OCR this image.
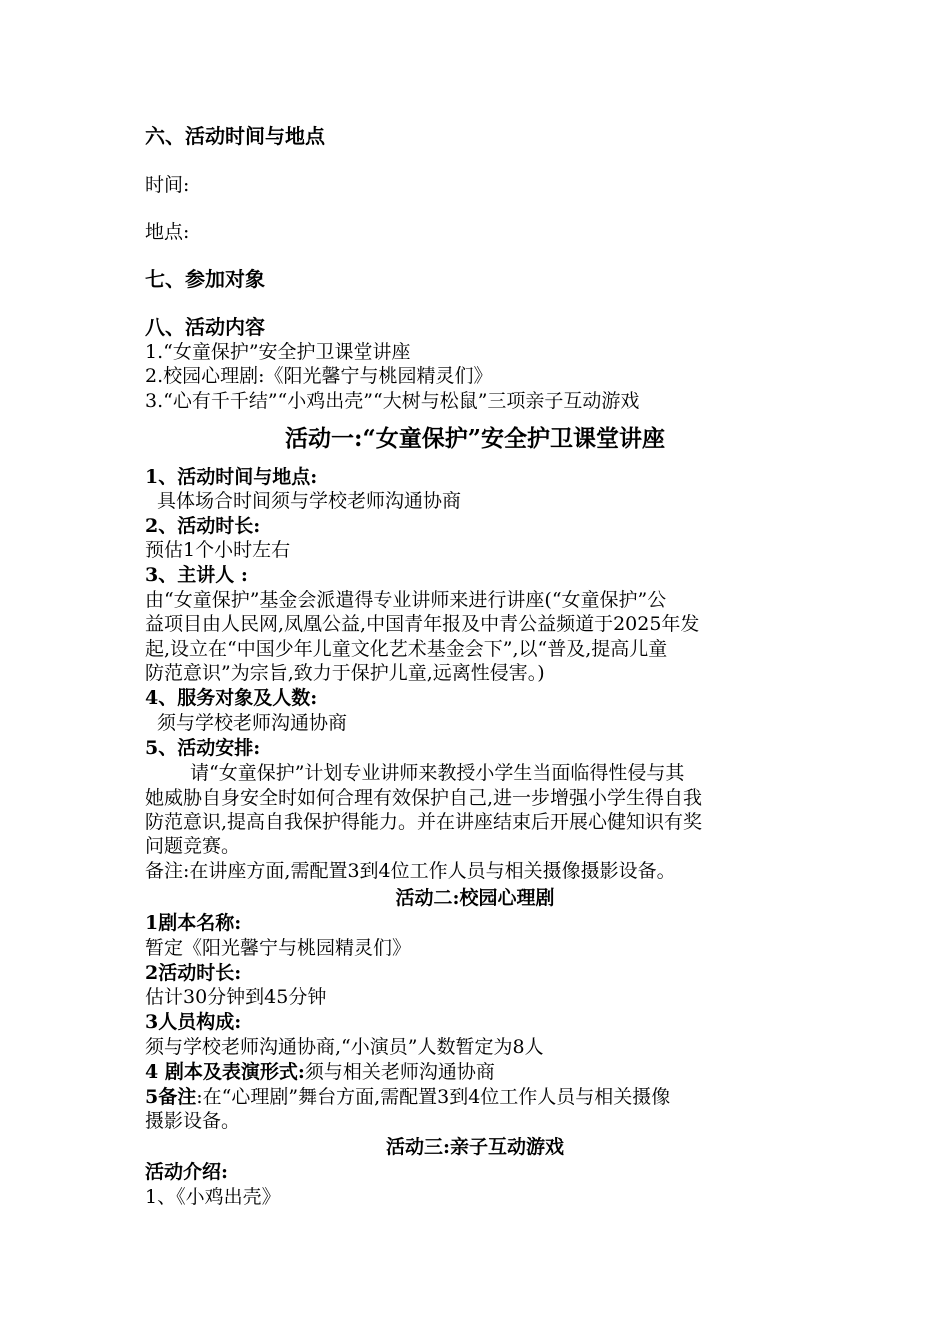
六、活动时间与地点
时间:
地点:
七、参加对象
八、活动内容
1.“女童保护”安全护卫课堂讲座
2.校园心理剧:《阳光馨宁与桃园精灵们》
3.“心有千千结”“小鸡出壳”“大树与松鼠”三项亲子互动游戏
活动一:“女童保护”安全护卫课堂讲座
1、活动时间与地点:
具体场合时间须与学校老师沟通协商
2、活动时长:
预估1个小时左右
3、主讲人 :
由“女童保护”基金会派遣得专业讲师来进行讲座(“女童保护”公
益项目由人民网,凤凰公益,中国青年报及中青公益频道于2025年发
起,设立在“中国少年儿童文化艺术基金会下”,以“普及,提高儿童
防范意识”为宗旨,致力于保护儿童,远离性侵害。)
4、服务对象及人数:
须与学校老师沟通协商
5、活动安排:
请“女童保护”计划专业讲师来教授小学生当面临得性侵与其
她威胁自身安全时如何合理有效保护自己,进一步增强小学生得自我
防范意识,提高自我保护得能力。并在讲座结束后开展心健知识有奖
问题竞赛。
备注:在讲座方面,需配置3到4位工作人员与相关摄像摄影设备。
活动二:校园心理剧
1剧本名称:
暂定《阳光馨宁与桃园精灵们》
2活动时长:
估计30分钟到45分钟
3人员构成:
须与学校老师沟通协商,“小演员”人数暂定为8人
4 剧本及表演形式:须与相关老师沟通协商
5备注:在“心理剧”舞台方面,需配置3到4位工作人员与相关摄像
摄影设备。
活动三:亲子互动游戏
活动介绍:
1、《小鸡出壳》
